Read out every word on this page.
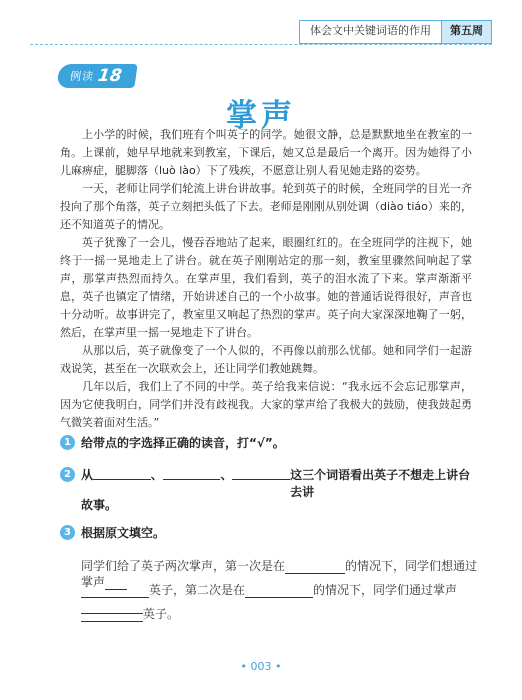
体会文中关键词语的作用	第五周
例读 18
掌声

上小学的时候，我们班有个叫英子的同学。她很文静，总是默默地坐在教室的一角。上课前，她早早地就来到教室，下课后，她又总是最后一个离开。因为她得了小儿麻痹症，腿脚落（luò lào）下了残疾，不愿意让别人看见她走路的姿势。

一天，老师让同学们轮流上讲台讲故事。轮到英子的时候，全班同学的目光一齐投向了那个角落，英子立刻把头低了下去。老师是刚刚从别处调（diào tiáo）来的，还不知道英子的情况。

英子犹豫了一会儿，慢吞吞地站了起来，眼圈红红的。在全班同学的注视下，她终于一摇一晃地走上了讲台。就在英子刚刚站定的那一刻，教室里骤然间响起了掌声，那掌声热烈而持久。在掌声里，我们看到，英子的泪水流了下来。掌声渐渐平息，英子也镇定了情绪，开始讲述自己的一个小故事。她的普通话说得很好，声音也十分动听。故事讲完了，教室里又响起了热烈的掌声。英子向大家深深地鞠了一躬，然后，在掌声里一摇一晃地走下了讲台。

从那以后，英子就像变了一个人似的，不再像以前那么忧郁。她和同学们一起游戏说笑，甚至在一次联欢会上，还让同学们教她跳舞。

几年以后，我们上了不同的中学。英子给我来信说：“我永远不会忘记那掌声，因为它使我明白，同学们并没有歧视我。大家的掌声给了我极大的鼓励，使我鼓起勇气微笑着面对生活。”

1 给带点的字选择正确的读音，打“√”。
2 从	、	、	这三个词语看出英子不想走上讲台去讲
故事。
3 根据原文填空。
同学们给了英子两次掌声，第一次是在	的情况下，同学们想通过掌声
英子，第二次是在	的情况下，同学们通过掌声
英子。
• 003 •
